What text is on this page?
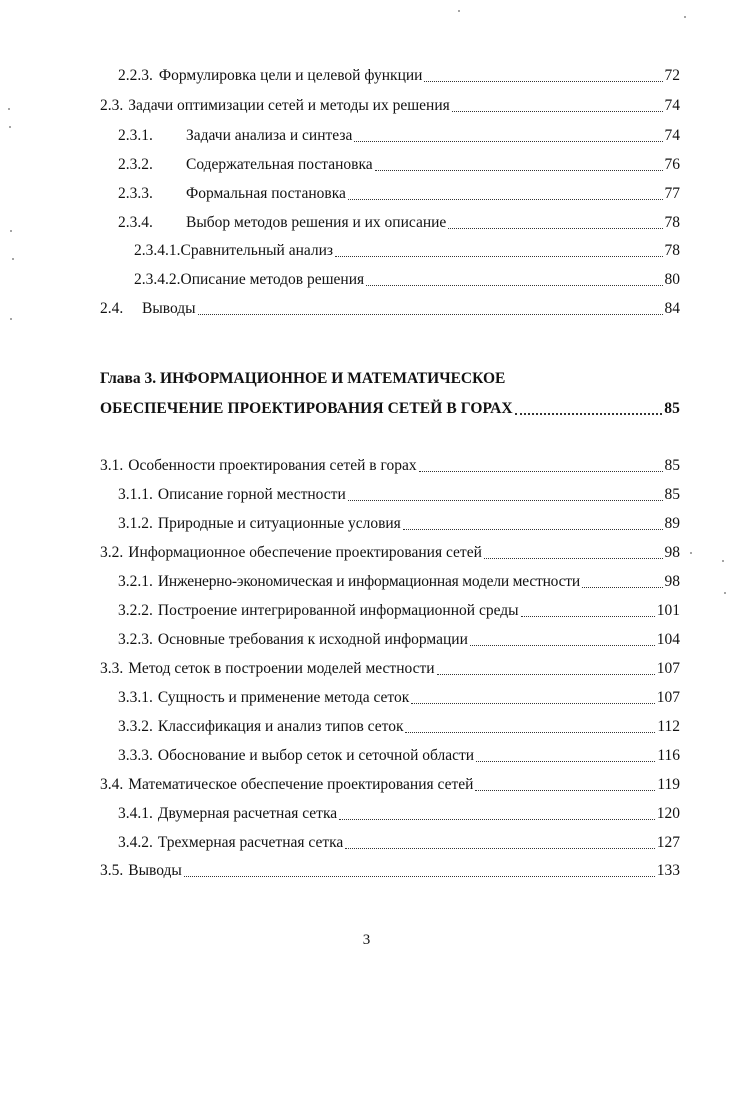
2.2.3. Формулировка цели и целевой функции	72
2.3. Задачи оптимизации сетей и методы их решения	74
2.3.1.	Задачи анализа и синтеза	74
2.3.2.	Содержательная постановка	76
2.3.3.	Формальная постановка	77
2.3.4.	Выбор методов решения и их описание	78
2.3.4.1. Сравнительный анализ	78
2.3.4.2. Описание методов решения	80
2.4.	Выводы	84
Глава 3. ИНФОРМАЦИОННОЕ И МАТЕМАТИЧЕСКОЕ
ОБЕСПЕЧЕНИЕ ПРОЕКТИРОВАНИЯ СЕТЕЙ В ГОРАХ	85
3.1. Особенности проектирования сетей в горах	85
3.1.1. Описание горной местности	85
3.1.2. Природные и ситуационные условия	89
3.2. Информационное обеспечение проектирования сетей	98
3.2.1. Инженерно-экономическая и информационная модели местности	98
3.2.2. Построение интегрированной информационной среды	101
3.2.3. Основные требования к исходной информации	104
3.3. Метод сеток в построении моделей местности	107
3.3.1. Сущность и применение метода сеток	107
3.3.2. Классификация и анализ типов сеток	112
3.3.3. Обоснование и выбор сеток и сеточной области	116
3.4. Математическое обеспечение проектирования сетей	119
3.4.1. Двумерная расчетная сетка	120
3.4.2. Трехмерная расчетная сетка	127
3.5. Выводы	133
3
